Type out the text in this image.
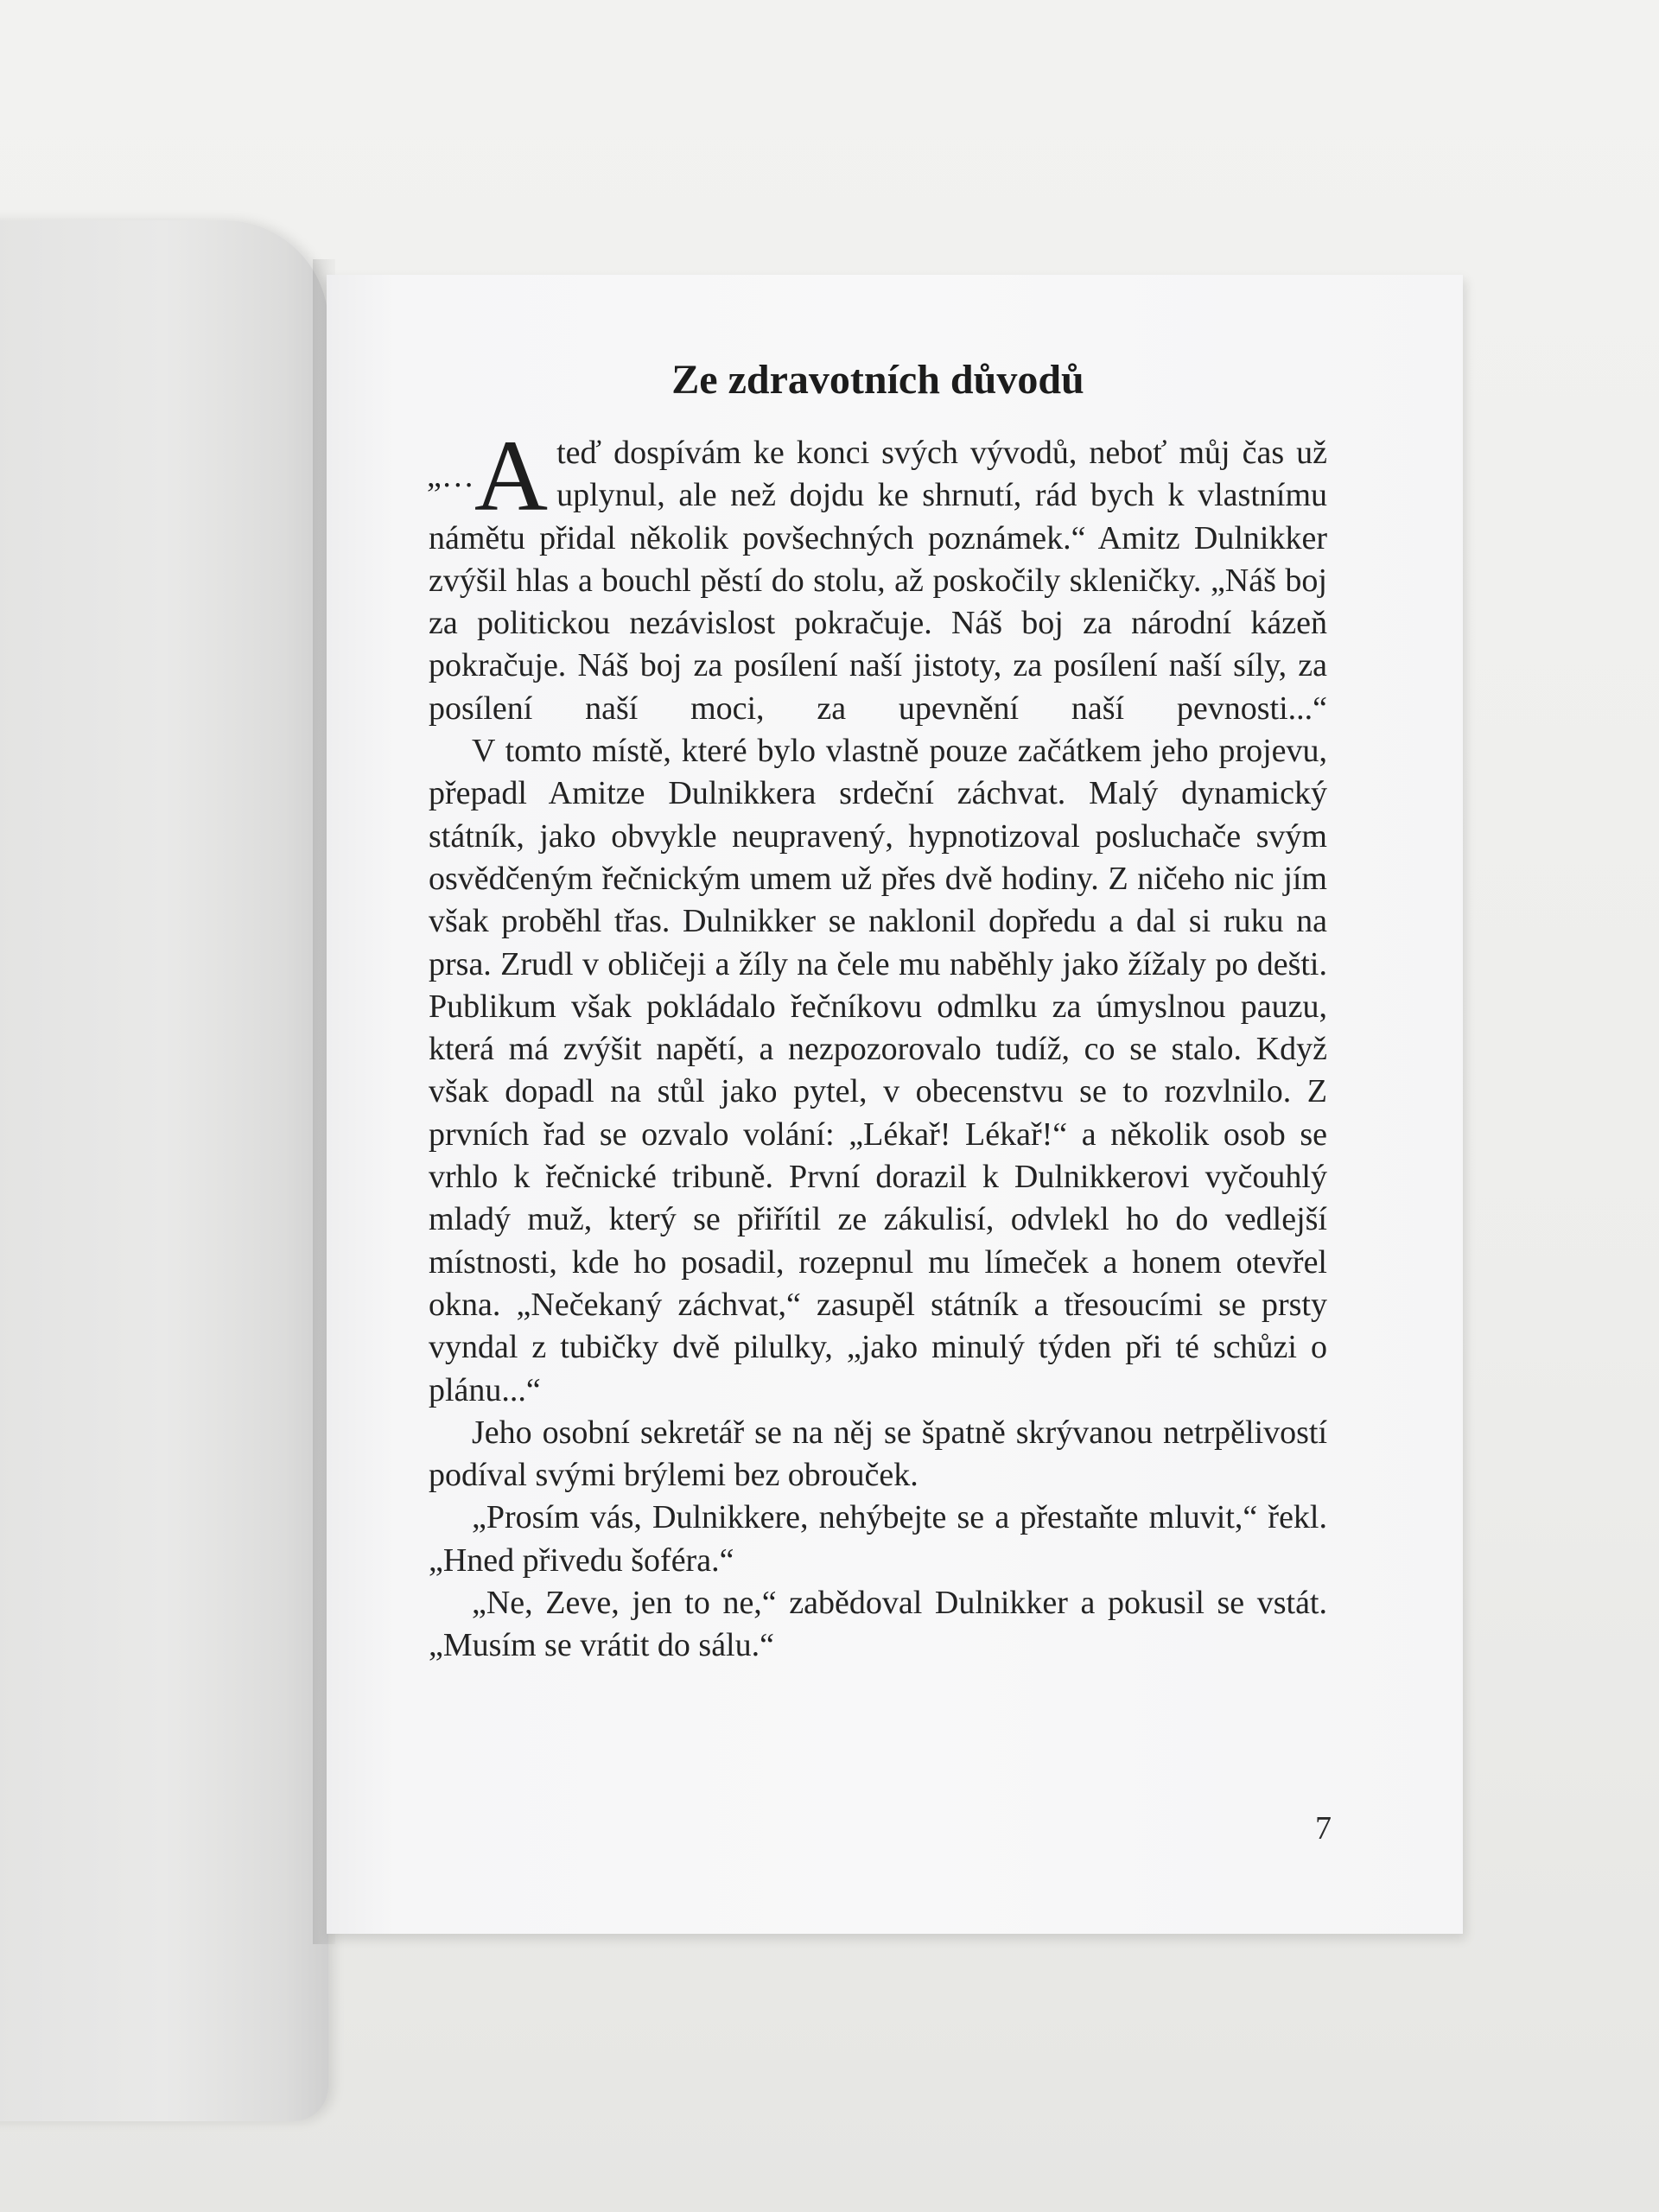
Ze zdravotních důvodů

„…A teď dospívám ke konci svých vývodů, neboť můj čas už uplynul, ale než dojdu ke shrnutí, rád bych k vlastnímu námětu přidal několik povšechných poznámek.“ Amitz Dulnikker zvýšil hlas a bouchl pěstí do stolu, až poskočily skleničky. „Náš boj za politickou nezávislost pokračuje. Náš boj za národní kázeň pokračuje. Náš boj za posílení naší jistoty, za posílení naší síly, za posílení naší moci, za upevnění naší pevnosti...“

V tomto místě, které bylo vlastně pouze začátkem jeho projevu, přepadl Amitze Dulnikkera srdeční záchvat. Malý dynamický státník, jako obvykle neupravený, hypnotizoval posluchače svým osvědčeným řečnickým umem už přes dvě hodiny. Z ničeho nic jím však proběhl třas. Dulnikker se naklonil dopředu a dal si ruku na prsa. Zrudl v obličeji a žíly na čele mu naběhly jako žížaly po dešti. Publikum však pokládalo řečníkovu odmlku za úmyslnou pauzu, která má zvýšit napětí, a nezpozorovalo tudíž, co se stalo. Když však dopadl na stůl jako pytel, v obecenstvu se to rozvlnilo. Z prvních řad se ozvalo volání: „Lékař! Lékař!“ a několik osob se vrhlo k řečnické tribuně. První dorazil k Dulnikkerovi vyčouhlý mladý muž, který se přiřítil ze zákulisí, odvlekl ho do vedlejší místnosti, kde ho posadil, rozepnul mu límeček a honem otevřel okna. „Nečekaný záchvat,“ zasupěl státník a třesoucími se prsty vyndal z tubičky dvě pilulky, „jako minulý týden při té schůzi o plánu...“

Jeho osobní sekretář se na něj se špatně skrývanou netrpělivostí podíval svými brýlemi bez obrouček.

„Prosím vás, Dulnikkere, nehýbejte se a přestaňte mluvit,“ řekl. „Hned přivedu šoféra.“

„Ne, Zeve, jen to ne,“ zabědoval Dulnikker a pokusil se vstát. „Musím se vrátit do sálu.“

7
